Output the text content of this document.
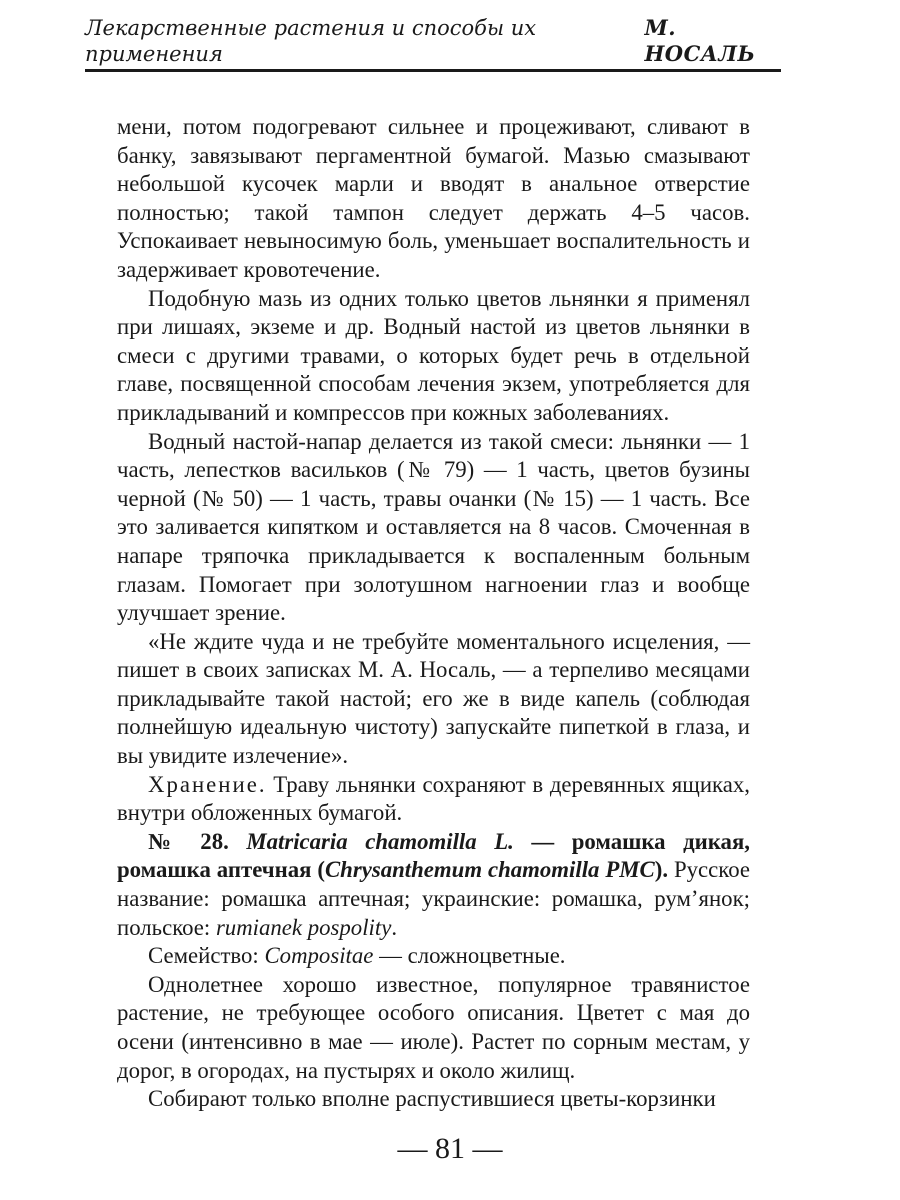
Лекарственные растения и способы их применения
М. НОСАЛЬ

мени, потом подогревают сильнее и процеживают, сливают в банку, завязывают пергаментной бумагой. Мазью смазывают небольшой кусочек марли и вводят в анальное отверстие полностью; такой тампон следует держать 4–5 часов. Успокаивает невыносимую боль, уменьшает воспалительность и задерживает кровотечение.

Подобную мазь из одних только цветов льнянки я применял при лишаях, экземе и др. Водный настой из цветов льнянки в смеси с другими травами, о которых будет речь в отдельной главе, посвященной способам лечения экзем, употребляется для прикладываний и компрессов при кожных заболеваниях.

Водный настой-напар делается из такой смеси: льнянки — 1 часть, лепестков васильков (№ 79) — 1 часть, цветов бузины черной (№ 50) — 1 часть, травы очанки (№ 15) — 1 часть. Все это заливается кипятком и оставляется на 8 часов. Смоченная в напаре тряпочка прикладывается к воспаленным больным глазам. Помогает при золотушном нагноении глаз и вообще улучшает зрение.

«Не ждите чуда и не требуйте моментального исцеления, — пишет в своих записках М. А. Носаль, — а терпеливо месяцами прикладывайте такой настой; его же в виде капель (соблюдая полнейшую идеальную чистоту) запускайте пипеткой в глаза, и вы увидите излечение».

Хранение. Траву льнянки сохраняют в деревянных ящиках, внутри обложенных бумагой.

№ 28. Matricaria chamomilla L. — ромашка дикая, ромашка аптечная (Chrysanthemum chamomilla PMC). Русское название: ромашка аптечная; украинские: ромашка, рум’янок; польское: rumianek pospolity.

Семейство: Compositae — сложноцветные.

Однолетнее хорошо известное, популярное травянистое растение, не требующее особого описания. Цветет с мая до осени (интенсивно в мае — июле). Растет по сорным местам, у дорог, в огородах, на пустырях и около жилищ.

Собирают только вполне распустившиеся цветы-корзинки

— 81 —
